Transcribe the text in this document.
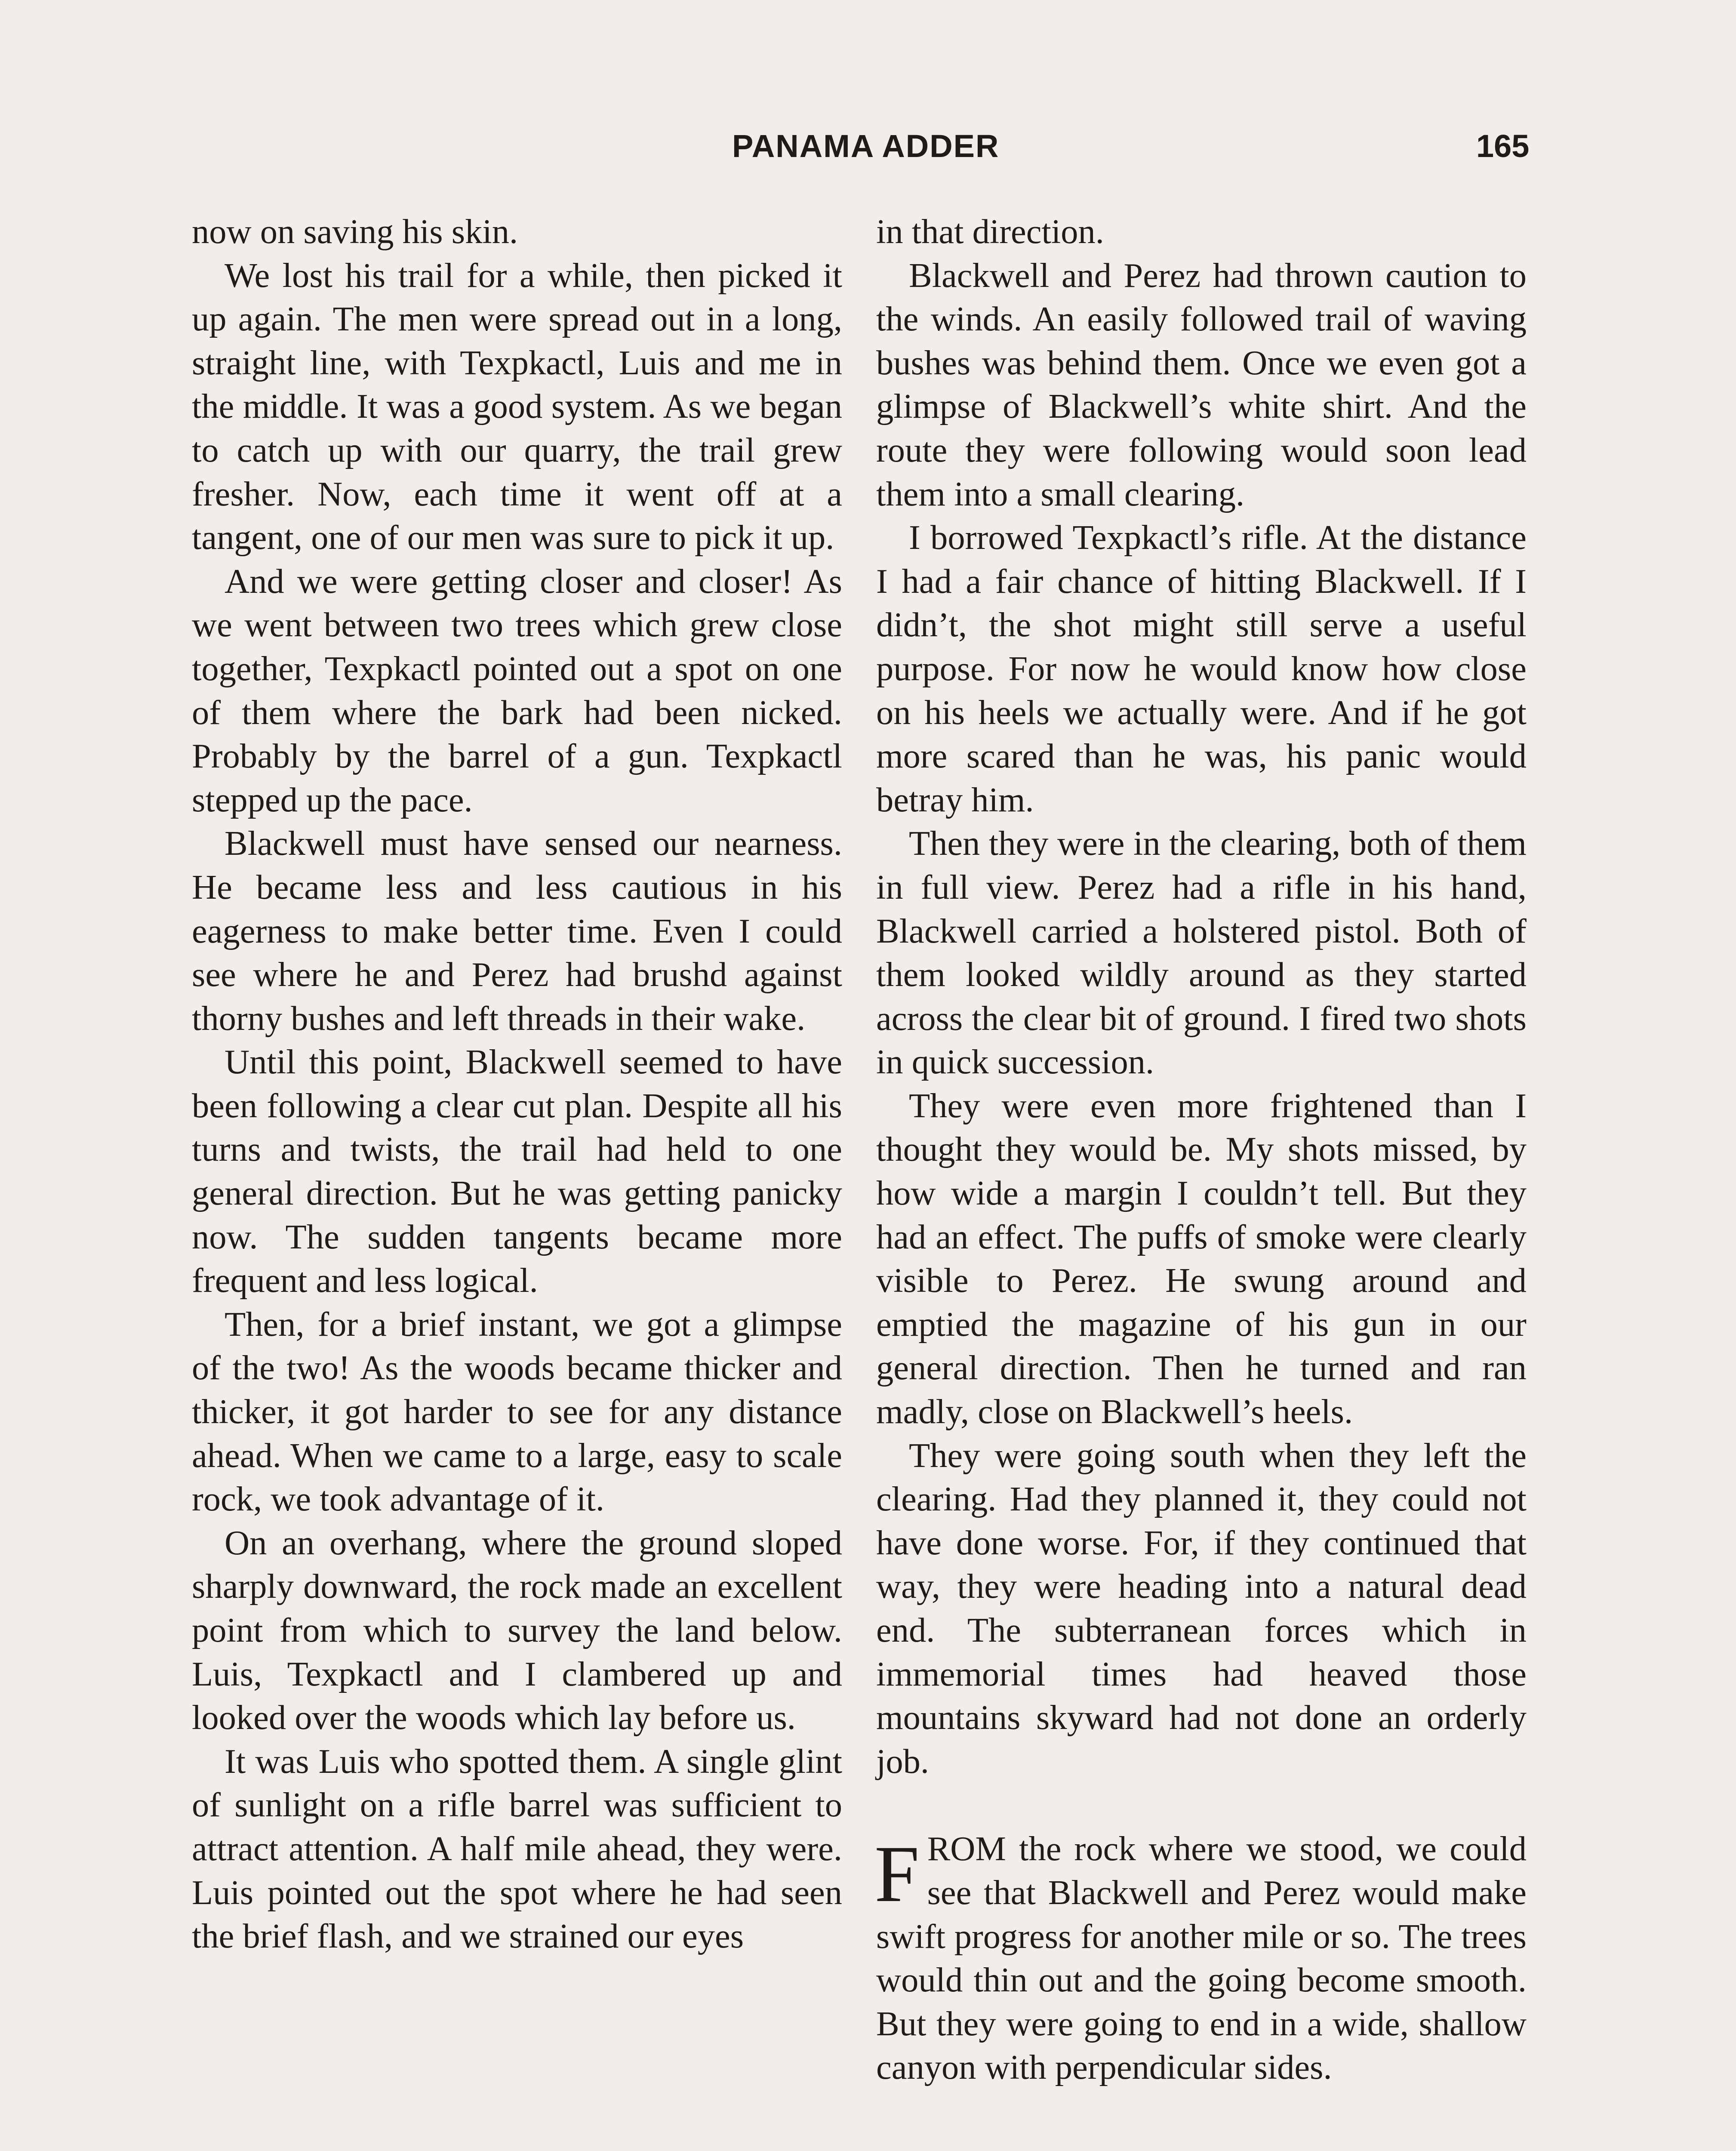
PANAMA ADDER	165

now on saving his skin.

We lost his trail for a while, then picked it up again. The men were spread out in a long, straight line, with Texpkactl, Luis and me in the middle. It was a good system. As we began to catch up with our quarry, the trail grew fresher. Now, each time it went off at a tangent, one of our men was sure to pick it up.

And we were getting closer and closer! As we went between two trees which grew close together, Texpkactl pointed out a spot on one of them where the bark had been nicked. Probably by the barrel of a gun. Texpkactl stepped up the pace.

Blackwell must have sensed our nearness. He became less and less cautious in his eagerness to make better time. Even I could see where he and Perez had brushd against thorny bushes and left threads in their wake.

Until this point, Blackwell seemed to have been following a clear cut plan. Despite all his turns and twists, the trail had held to one general direction. But he was getting panicky now. The sudden tangents became more frequent and less logical.

Then, for a brief instant, we got a glimpse of the two! As the woods became thicker and thicker, it got harder to see for any distance ahead. When we came to a large, easy to scale rock, we took advantage of it.

On an overhang, where the ground sloped sharply downward, the rock made an excellent point from which to survey the land below. Luis, Texpkactl and I clambered up and looked over the woods which lay before us.

It was Luis who spotted them. A single glint of sunlight on a rifle barrel was sufficient to attract attention. A half mile ahead, they were. Luis pointed out the spot where he had seen the brief flash, and we strained our eyes

in that direction.

Blackwell and Perez had thrown caution to the winds. An easily followed trail of waving bushes was behind them. Once we even got a glimpse of Blackwell’s white shirt. And the route they were following would soon lead them into a small clearing.

I borrowed Texpkactl’s rifle. At the distance I had a fair chance of hitting Blackwell. If I didn’t, the shot might still serve a useful purpose. For now he would know how close on his heels we actually were. And if he got more scared than he was, his panic would betray him.

Then they were in the clearing, both of them in full view. Perez had a rifle in his hand, Blackwell carried a holstered pistol. Both of them looked wildly around as they started across the clear bit of ground. I fired two shots in quick succession.

They were even more frightened than I thought they would be. My shots missed, by how wide a margin I couldn’t tell. But they had an effect. The puffs of smoke were clearly visible to Perez. He swung around and emptied the magazine of his gun in our general direction. Then he turned and ran madly, close on Blackwell’s heels.

They were going south when they left the clearing. Had they planned it, they could not have done worse. For, if they continued that way, they were heading into a natural dead end. The subterranean forces which in immemorial times had heaved those mountains skyward had not done an orderly job.

FROM the rock where we stood, we could see that Blackwell and Perez would make swift progress for another mile or so. The trees would thin out and the going become smooth. But they were going to end in a wide, shallow canyon with perpendicular sides.
